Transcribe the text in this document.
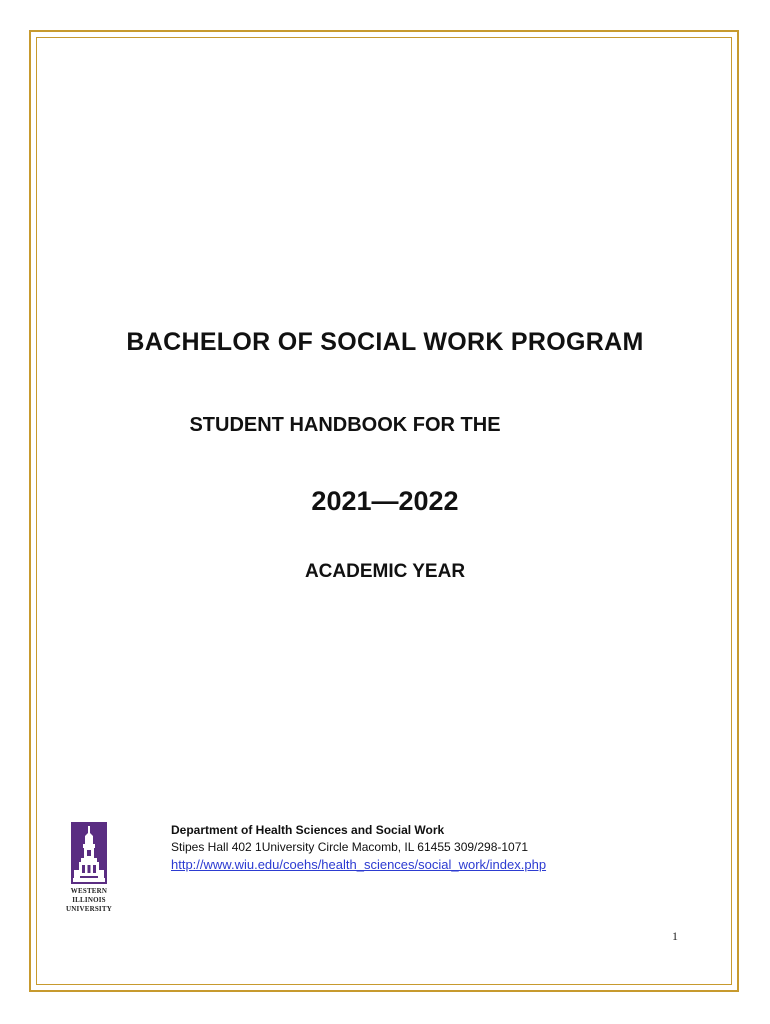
BACHELOR OF SOCIAL WORK PROGRAM
STUDENT HANDBOOK FOR THE
2021—2022
ACADEMIC YEAR
WESTERN
ILLINOIS
UNIVERSITY
Department of Health Sciences and Social Work
Stipes Hall 402 1University Circle Macomb, IL 61455 309/298-1071
http://www.wiu.edu/coehs/health_sciences/social_work/index.php
1
